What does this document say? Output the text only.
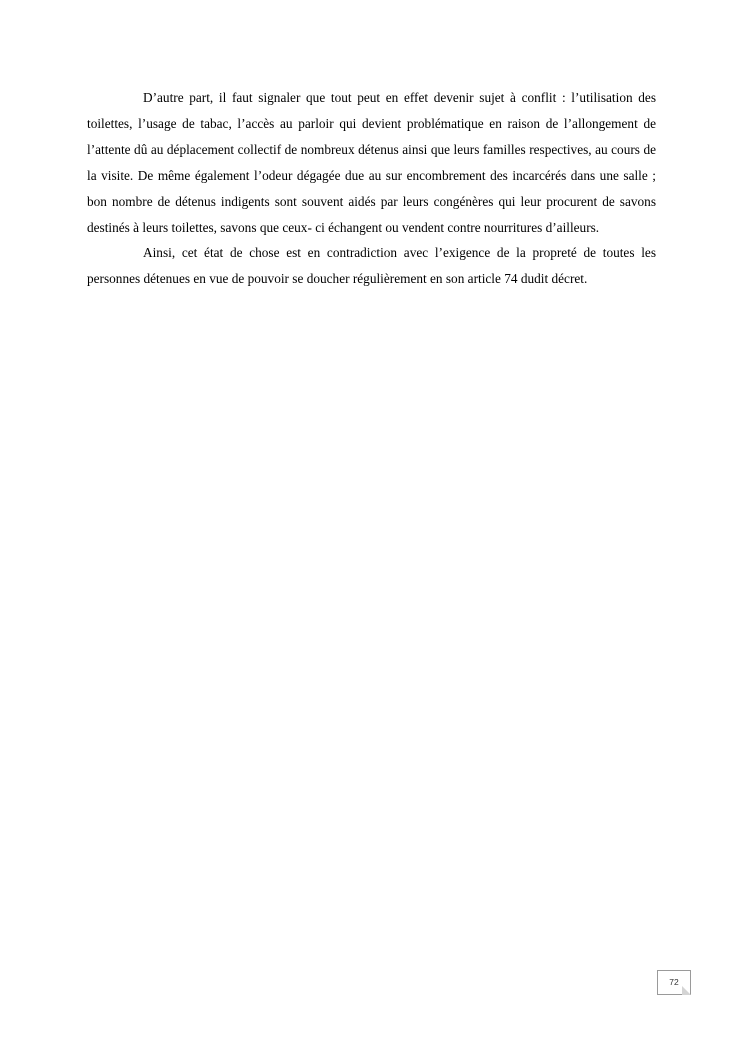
D’autre part, il faut signaler que tout peut en effet devenir sujet à conflit : l’utilisation des toilettes, l’usage de tabac, l’accès au parloir qui devient problématique en raison de l’allongement de l’attente dû au déplacement collectif de nombreux détenus ainsi que leurs familles respectives, au cours de la visite. De même également l’odeur dégagée due au sur encombrement des incarcérés dans une salle ; bon nombre de détenus indigents sont souvent aidés par leurs congénères qui leur procurent de savons destinés à leurs toilettes, savons que ceux- ci échangent ou vendent contre nourritures d’ailleurs.

Ainsi, cet état de chose est en contradiction avec l’exigence de la propreté de toutes les personnes détenues en vue de pouvoir se doucher régulièrement en son article 74 dudit décret.

72
